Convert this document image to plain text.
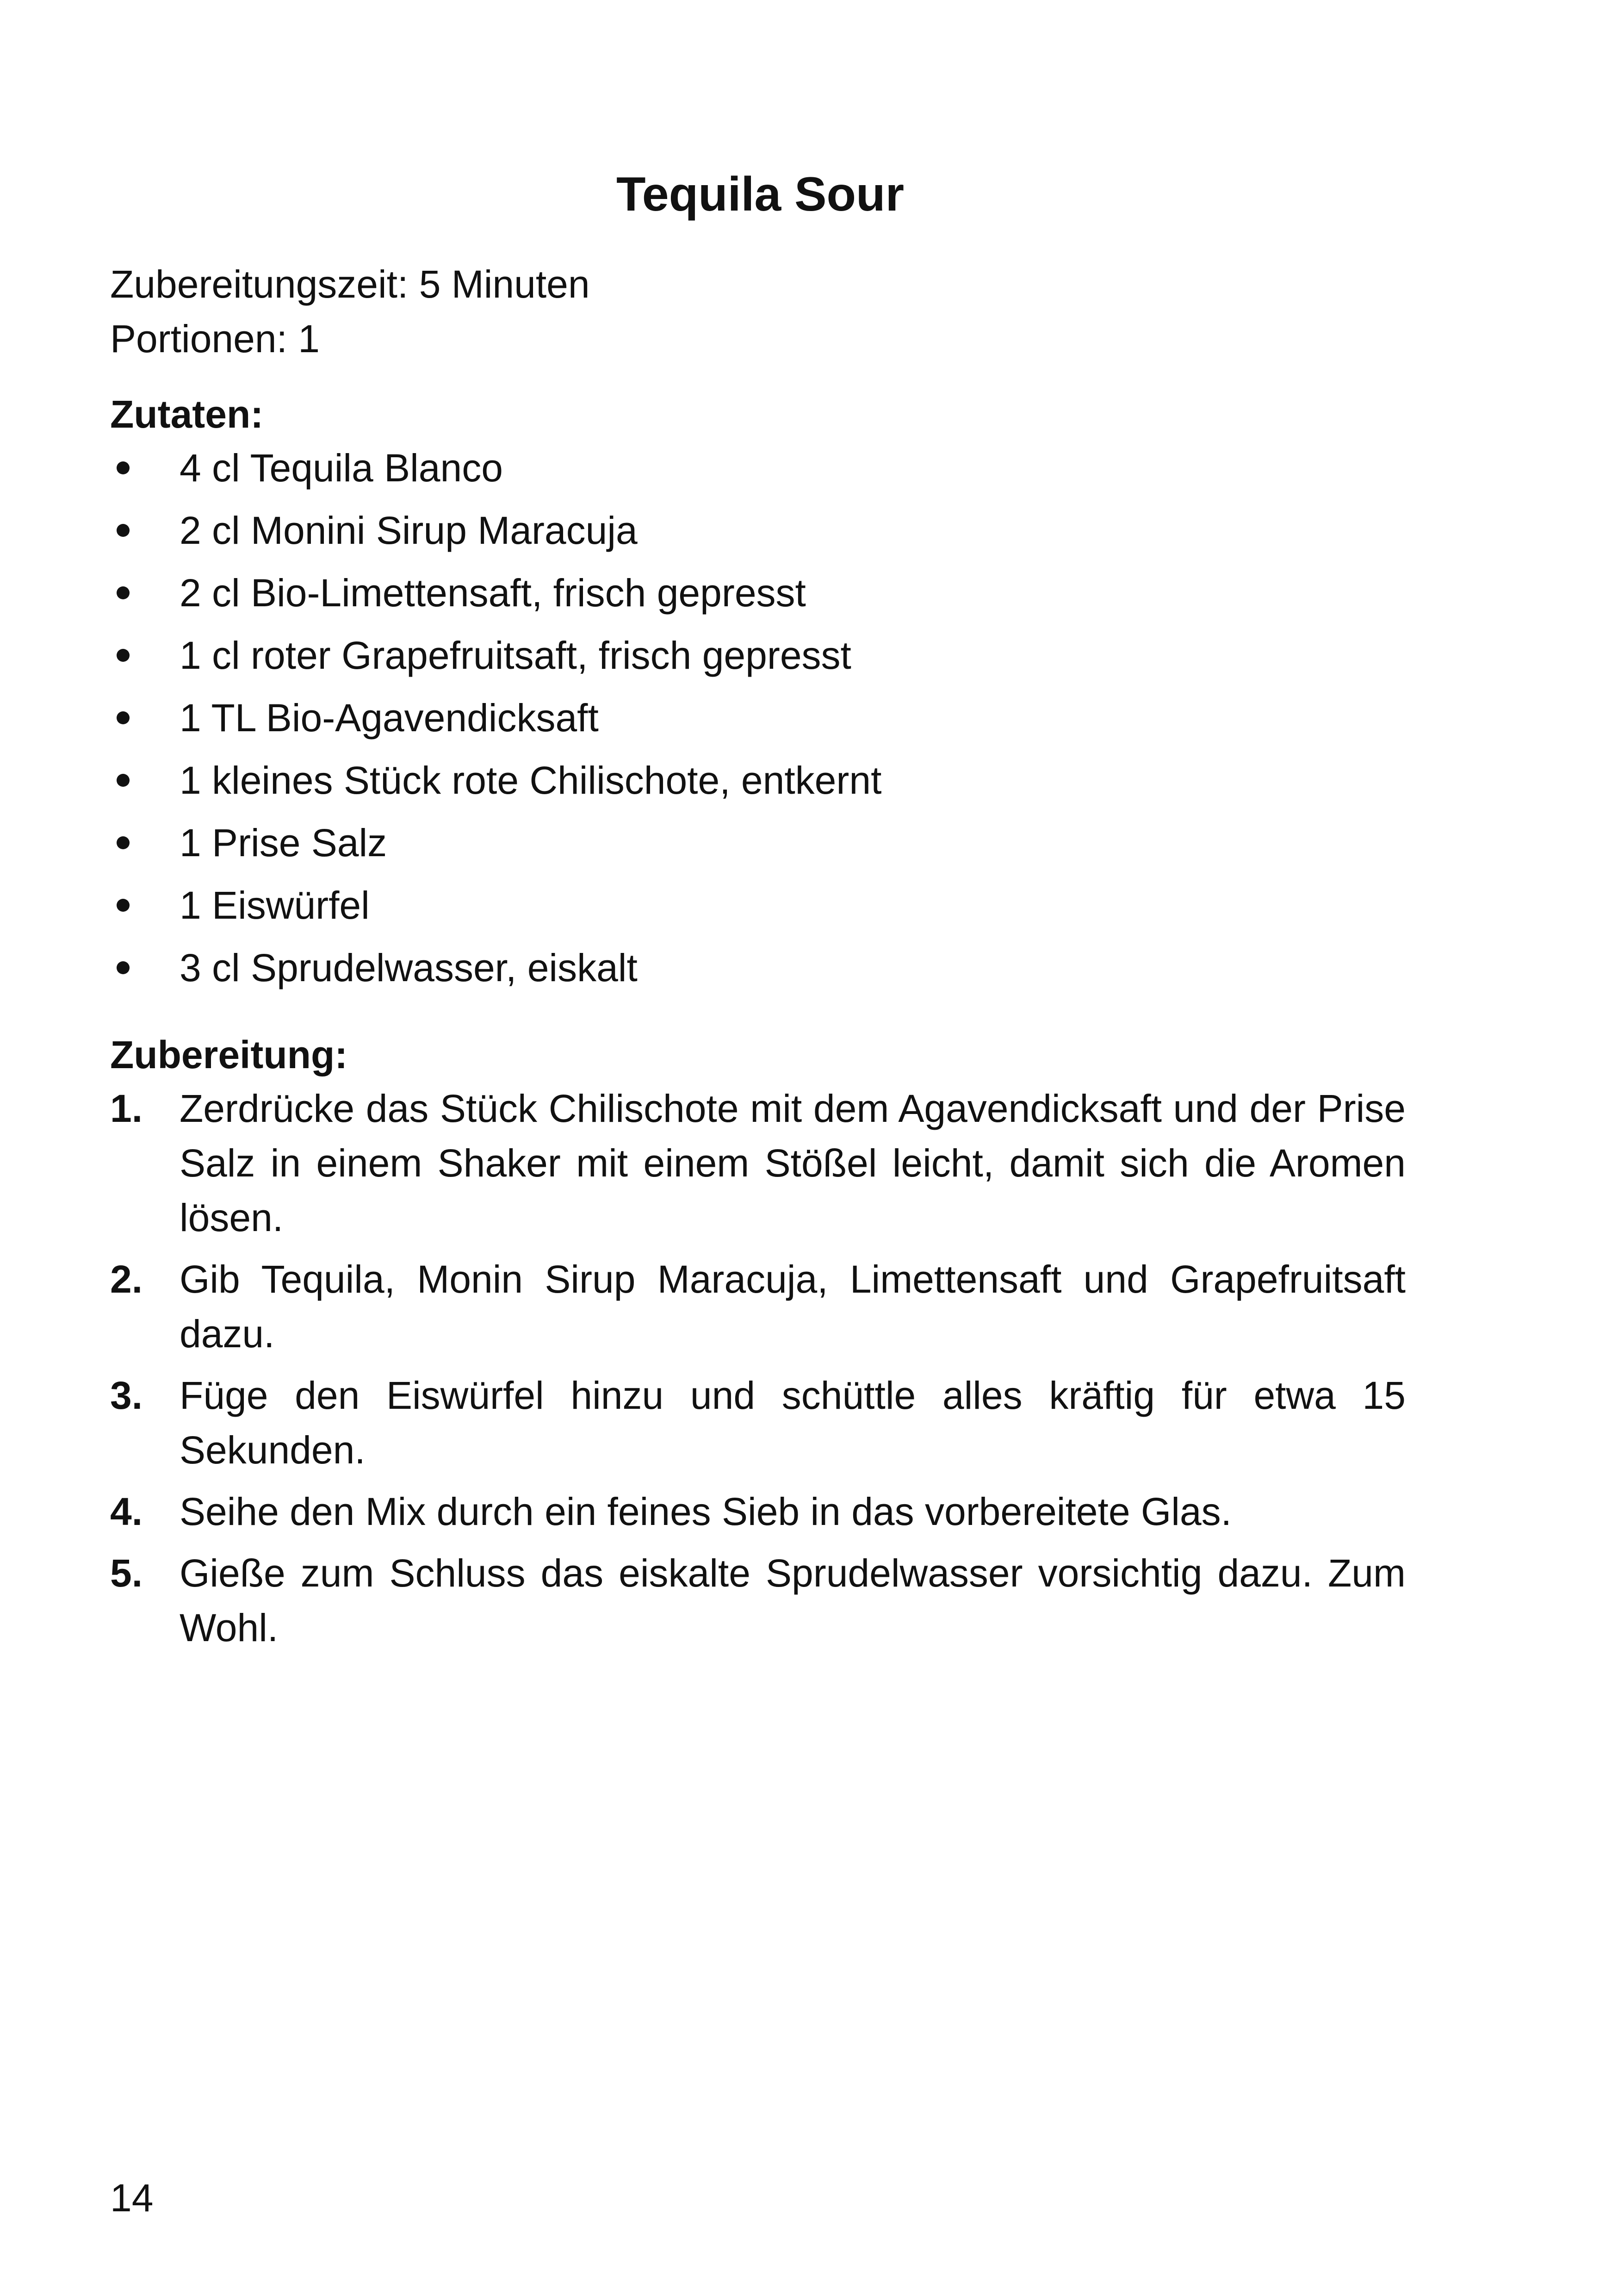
Tequila Sour
Zubereitungszeit: 5 Minuten
Portionen: 1
Zutaten:
4 cl Tequila Blanco
2 cl Monini Sirup Maracuja
2 cl Bio-Limettensaft, frisch gepresst
1 cl roter Grapefruitsaft, frisch gepresst
1 TL Bio-Agavendicksaft
1 kleines Stück rote Chilischote, entkernt
1 Prise Salz
1 Eiswürfel
3 cl Sprudelwasser, eiskalt
Zubereitung:
1. Zerdrücke das Stück Chilischote mit dem Agavendicksaft und der Prise Salz in einem Shaker mit einem Stößel leicht, damit sich die Aromen lösen.
2. Gib Tequila, Monin Sirup Maracuja, Limettensaft und Grapefruitsaft dazu.
3. Füge den Eiswürfel hinzu und schüttle alles kräftig für etwa 15 Sekunden.
4. Seihe den Mix durch ein feines Sieb in das vorbereitete Glas.
5. Gieße zum Schluss das eiskalte Sprudelwasser vorsichtig dazu. Zum Wohl.
14
